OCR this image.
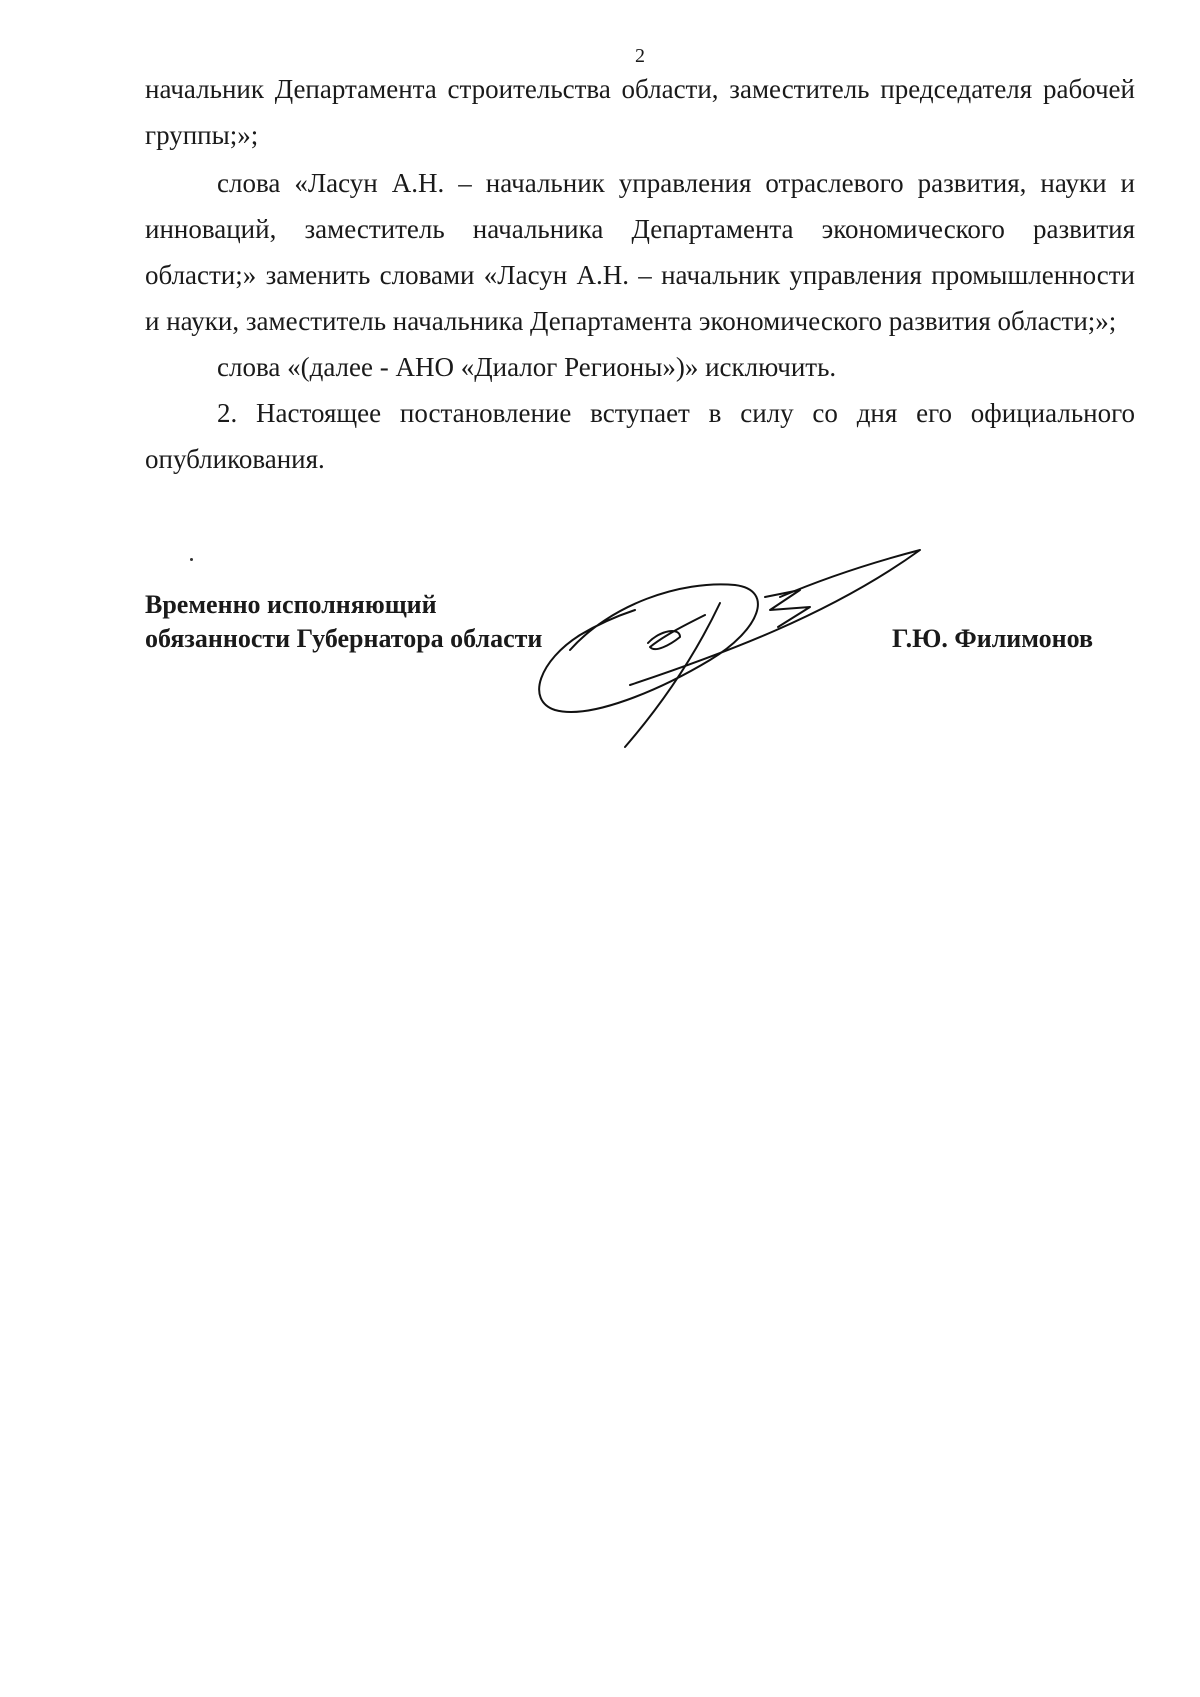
2

начальник Департамента строительства области, заместитель председателя рабочей группы;»;

слова «Ласун А.Н. – начальник управления отраслевого развития, науки и инноваций, заместитель начальника Департамента экономического развития области;» заменить словами «Ласун А.Н. – начальник управления промышленности и науки, заместитель начальника Департамента экономического развития области;»;

слова «(далее - АНО «Диалог Регионы»)» исключить.

2. Настоящее постановление вступает в силу со дня его официального опубликования.

Временно исполняющий
обязанности Губернатора области	Г.Ю. Филимонов
